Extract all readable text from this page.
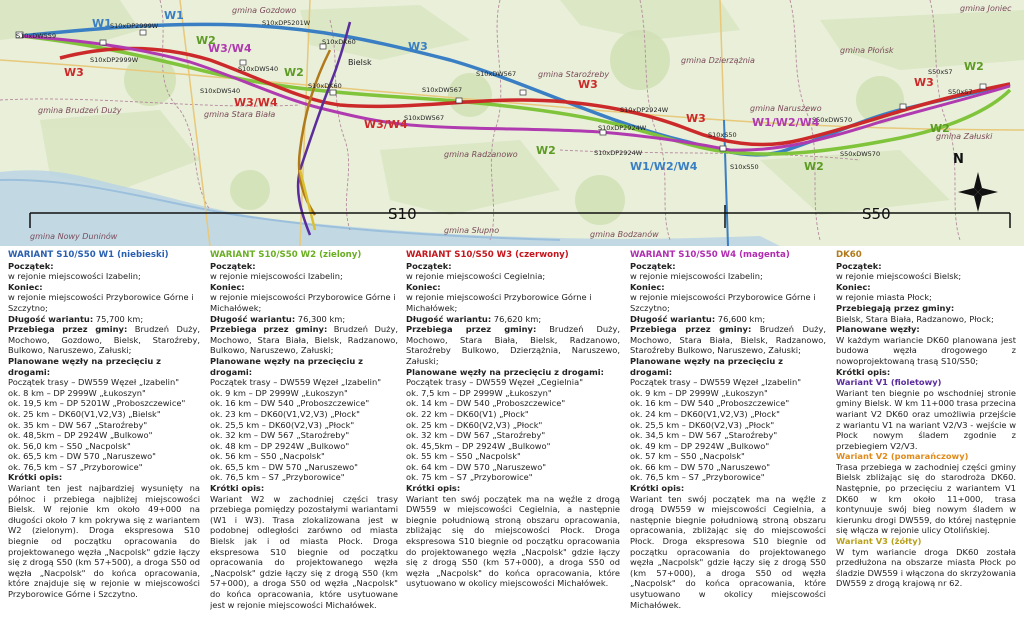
gmina Gozdowo
gmina Staroźreby
gmina Dzierzążnia
gmina Płońsk
gmina Joniec
gmina Brudzeń Duży	gmina Stara Biała
gmina Radzanowo
gmina Naruszewo
gmina Załuski
gmina Słupno	gmina Bodzanów
gmina Nowy Duninów
S10xDW559
S10xDP2999W
S10xDP2999W
S10xDP5201W
S10xDK60
S10xDK60
S10xDW540
S10xDW540
S10xDW567
S10xDW567
S10xDW567
S10xDP2924W
S10xDP2924W
S10xDP2924W
S10xS50
S10xS50
S50xS7
S50xS7
S50xDW570
S50xDW570
Bielsk
W1
W1
W2
W3
W3/W4
W3/W4
W3/W4
W2
W3
W3
W2
W1/W2/W4
W1/W2/W4
W3
W2
W2
W2
W3
S10	S50
N
WARIANT S10/S50 W1 (niebieski)
Początek:
w rejonie miejscowości Izabelin;
Koniec:
w rejonie miejscowości Przyborowice Górne i Szczytno;
Długość wariantu: 75,700 km;
Przebiega przez gminy: Brudzeń Duży, Mochowo, Gozdowo, Bielsk, Staroźreby, Bulkowo, Naruszewo, Załuski;
Planowane węzły na przecięciu z drogami:
Początek trasy – DW559 Węzeł „Izabelin"
ok. 8 km – DP 2999W „Łukoszyn"
ok. 19,5 km – DP 5201W „Proboszczewice"
ok. 25 km – DK60(V1,V2,V3) „Bielsk"
ok. 35 km – DW 567 „Staroźreby"
ok. 48,5km – DP 2924W „Bulkowo"
ok. 56,0 km – S50 „Nacpolsk"
ok. 65,5 km – DW 570 „Naruszewo"
ok. 76,5 km – S7 „Przyborowice"
Krótki opis:
Wariant ten jest najbardziej wysunięty na północ i przebiega najbliżej miejscowości Bielsk. W rejonie km około 49+000 na długości około 7 km pokrywa się z wariantem W2 (zielonym). Droga ekspresowa S10 biegnie od początku opracowania do projektowanego węzła „Nacpolsk" gdzie łączy się z drogą S50 (km 57+500), a droga S50 od węzła „Nacpolsk" do końca opracowania, które znajduje się w rejonie w miejscowości Przyborowice Górne i Szczytno.
WARIANT S10/S50 W2 (zielony)
Początek:
w rejonie miejscowości Izabelin;
Koniec:
w rejonie miejscowości Przyborowice Górne i Michałówek;
Długość wariantu: 76,300 km;
Przebiega przez gminy: Brudzeń Duży, Mochowo, Stara Biała, Bielsk, Radzanowo, Bulkowo, Naruszewo, Załuski;
Planowane węzły na przecięciu z drogami:
Początek trasy – DW559 Węzeł „Izabelin"
ok. 9 km – DP 2999W „Łukoszyn"
ok. 16 km – DW 540 „Proboszczewice"
ok. 23 km – DK60(V1,V2,V3) „Płock"
ok. 25,5 km – DK60(V2,V3) „Płock"
ok. 32 km – DW 567 „Staroźreby"
ok. 48 km – DP 2924W „Bulkowo"
ok. 56 km – S50 „Nacpolsk"
ok. 65,5 km – DW 570 „Naruszewo"
ok. 76,5 km – S7 „Przyborowice"
Krótki opis:
Wariant W2 w zachodniej części trasy przebiega pomiędzy pozostałymi wariantami (W1 i W3). Trasa zlokalizowana jest w podobnej odległości zarówno od miasta Bielsk jak i od miasta Płock. Droga ekspresowa S10 biegnie od początku opracowania do projektowanego węzła „Nacpolsk" gdzie łączy się z drogą S50 (km 57+000), a droga S50 od węzła „Nacpolsk" do końca opracowania, które usytuowane jest w rejonie miejscowości Michałówek.
WARIANT S10/S50 W3 (czerwony)
Początek:
w rejonie miejscowości Cegielnia;
Koniec:
w rejonie miejscowości Przyborowice Górne i Michałówek;
Długość wariantu: 76,620 km;
Przebiega przez gminy: Brudzeń Duży, Mochowo, Stara Biała, Bielsk, Radzanowo, Staroźreby Bulkowo, Dzierzążnia, Naruszewo, Załuski;
Planowane węzły na przecięciu z drogami:
Początek trasy – DW559 Węzeł „Cegielnia"
ok. 7,5 km – DP 2999W „Łukoszyn"
ok. 14 km – DW 540 „Proboszczewice"
ok. 22 km – DK60(V1) „Płock"
ok. 25 km – DK60(V2,V3) „Płock"
ok. 32 km – DW 567 „Staroźreby"
ok. 45,5km – DP 2924W „Bulkowo"
ok. 55 km – S50 „Nacpolsk"
ok. 64 km – DW 570 „Naruszewo"
ok. 75 km – S7 „Przyborowice"
Krótki opis:
Wariant ten swój początek ma na węźle z drogą DW559 w miejscowości Cegielnia, a następnie biegnie południową stroną obszaru opracowania, zbliżając się do miejscowości Płock. Droga ekspresowa S10 biegnie od początku opracowania do projektowanego węzła „Nacpolsk" gdzie łączy się z drogą S50 (km 57+000), a droga S50 od węzła „Nacpolsk" do końca opracowania, które usytuowano w okolicy miejscowości Michałówek.
WARIANT S10/S50 W4 (magenta)
Początek:
w rejonie miejscowości Izabelin;
Koniec:
w rejonie miejscowości Przyborowice Górne i Szczytno;
Długość wariantu: 76,600 km;
Przebiega przez gminy: Brudzeń Duży, Mochowo, Stara Biała, Bielsk, Radzanowo, Staroźreby Bulkowo, Naruszewo, Załuski;
Planowane węzły na przecięciu z drogami:
Początek trasy – DW559 Węzeł „Izabelin"
ok. 9 km – DP 2999W „Łukoszyn"
ok. 16 km – DW 540 „Proboszczewice"
ok. 24 km – DK60(V1,V2,V3) „Płock"
ok. 25,5 km – DK60(V2,V3) „Płock"
ok. 34,5 km – DW 567 „Staroźreby"
ok. 49 km – DP 2924W „Bulkowo"
ok. 57 km – S50 „Nacpolsk"
ok. 66 km – DW 570 „Naruszewo"
ok. 76,5 km – S7 „Przyborowice"
Krótki opis:
Wariant ten swój początek ma na węźle z drogą DW559 w miejscowości Cegielnia, a następnie biegnie południową stroną obszaru opracowania, zbliżając się do miejscowości Płock. Droga ekspresowa S10 biegnie od początku opracowania do projektowanego węzła „Nacpolsk" gdzie łączy się z drogą S50 (km 57+000), a droga S50 od węzła „Nacpolsk" do końca opracowania, które usytuowano w okolicy miejscowości Michałówek.
DK60
Początek:
w rejonie miejscowości Bielsk;
Koniec:
w rejonie miasta Płock;
Przebiegają przez gminy:
Bielsk, Stara Biała, Radzanowo, Płock;
Planowane węzły:
W każdym wariancie DK60 planowana jest budowa węzła drogowego z nowoprojektowaną trasą S10/S50;
Krótki opis:
Wariant V1 (fioletowy)
Wariant ten biegnie po wschodniej stronie gminy Bielsk. W km 11+000 trasa przecina wariant V2 DK60 oraz umożliwia przejście z wariantu V1 na wariant V2/V3 - wejście w Płock nowym śladem zgodnie z przebiegiem V2/V3.
Wariant V2 (pomarańczowy)
Trasa przebiega w zachodniej części gminy Bielsk zbliżając się do starodroża DK60. Następnie, po przecięciu z wariantem V1 DK60 w km około 11+000, trasa kontynuuje swój bieg nowym śladem w kierunku drogi DW559, do której następnie się włącza w rejonie ulicy Otolińskiej.
Wariant V3 (żółty)
W tym wariancie droga DK60 została przedłużona na obszarze miasta Płock po śladzie DW559 i włączona do skrzyżowania DW559 z drogą krajową nr 62.
